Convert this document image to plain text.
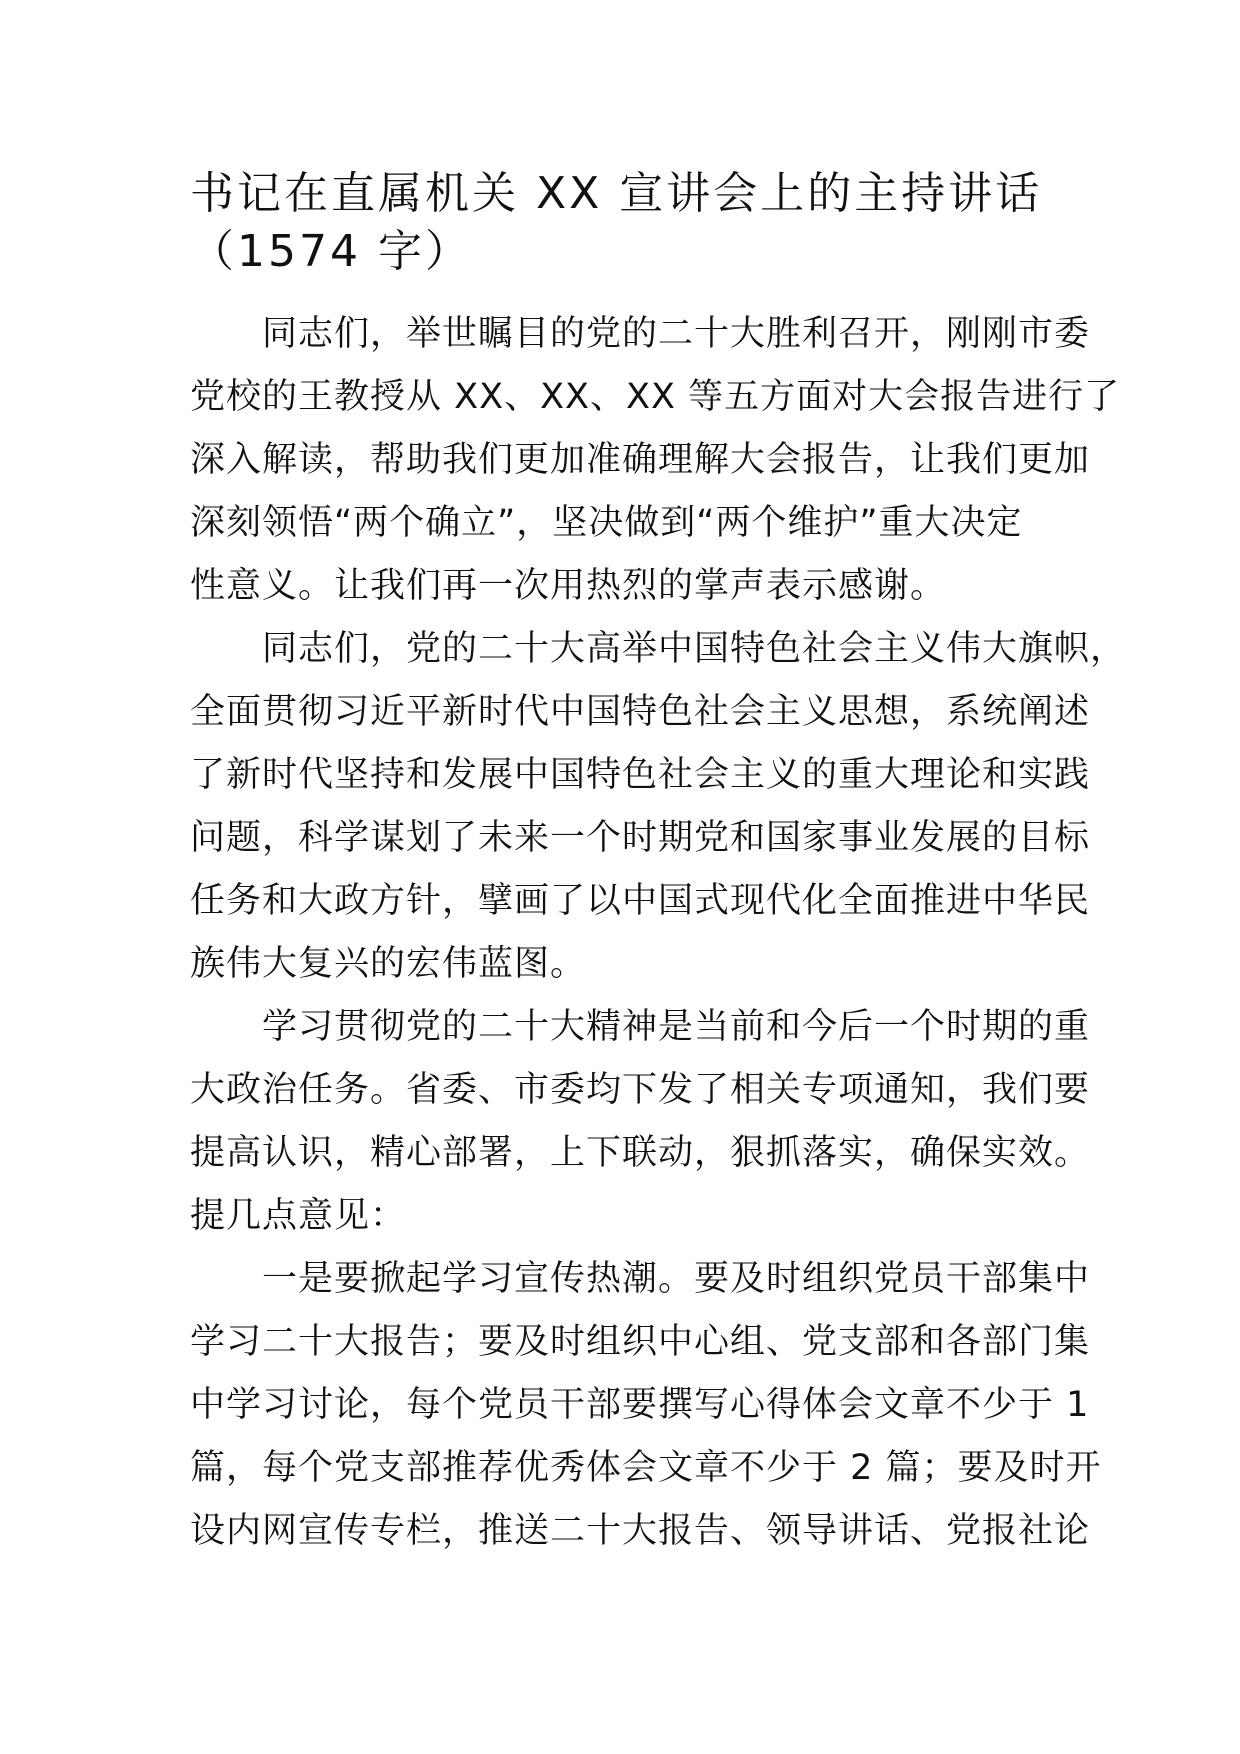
书记在直属机关 XX 宣讲会上的主持讲话（1574 字）
　　同志们，举世瞩目的党的二十大胜利召开，刚刚市委
党校的王教授从 XX、XX、XX 等五方面对大会报告进行了
深入解读，帮助我们更加准确理解大会报告，让我们更加
深刻领悟“两个确立”，坚决做到“两个维护”重大决定
性意义。让我们再一次用热烈的掌声表示感谢。
　　同志们，党的二十大高举中国特色社会主义伟大旗帜，
全面贯彻习近平新时代中国特色社会主义思想，系统阐述
了新时代坚持和发展中国特色社会主义的重大理论和实践
问题，科学谋划了未来一个时期党和国家事业发展的目标
任务和大政方针，擘画了以中国式现代化全面推进中华民
族伟大复兴的宏伟蓝图。
　　学习贯彻党的二十大精神是当前和今后一个时期的重
大政治任务。省委、市委均下发了相关专项通知，我们要
提高认识，精心部署，上下联动，狠抓落实，确保实效。
提几点意见：
　　一是要掀起学习宣传热潮。要及时组织党员干部集中
学习二十大报告；要及时组织中心组、党支部和各部门集
中学习讨论，每个党员干部要撰写心得体会文章不少于 1
篇，每个党支部推荐优秀体会文章不少于 2 篇；要及时开
设内网宣传专栏，推送二十大报告、领导讲话、党报社论
